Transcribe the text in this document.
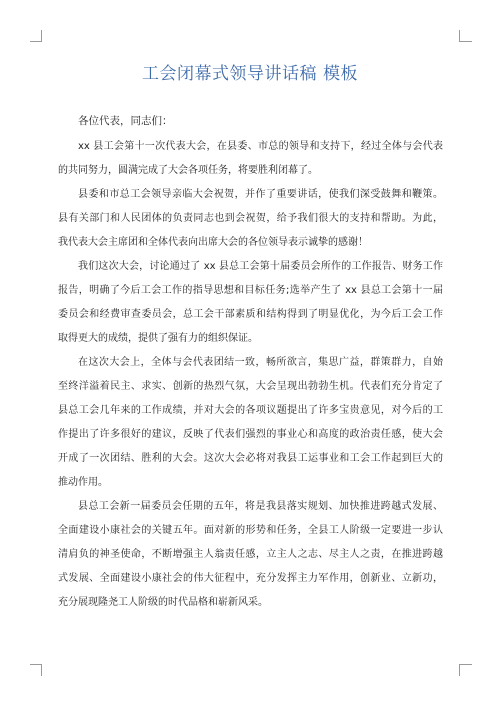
工会闭幕式领导讲话稿 模板
各位代表，同志们：
xx 县工会第十一次代表大会，在县委、市总的领导和支持下，经过全体与会代表
的共同努力，圆满完成了大会各项任务，将要胜利闭幕了。
县委和市总工会领导亲临大会祝贺，并作了重要讲话，使我们深受鼓舞和鞭策。
县有关部门和人民团体的负责同志也到会祝贺，给予我们很大的支持和帮助。为此，
我代表大会主席团和全体代表向出席大会的各位领导表示诚挚的感谢！
我们这次大会，讨论通过了 xx 县总工会第十届委员会所作的工作报告、财务工作
报告，明确了今后工会工作的指导思想和目标任务;选举产生了 xx 县总工会第十一届
委员会和经费审查委员会，总工会干部素质和结构得到了明显优化，为今后工会工作
取得更大的成绩，提供了强有力的组织保证。
在这次大会上，全体与会代表团结一致，畅所欲言，集思广益，群策群力，自始
至终洋溢着民主、求实、创新的热烈气氛，大会呈现出勃勃生机。代表们充分肯定了
县总工会几年来的工作成绩，并对大会的各项议题提出了许多宝贵意见，对今后的工
作提出了许多很好的建议，反映了代表们强烈的事业心和高度的政治责任感，使大会
开成了一次团结、胜利的大会。这次大会必将对我县工运事业和工会工作起到巨大的
推动作用。
县总工会新一届委员会任期的五年，将是我县落实规划、加快推进跨越式发展、
全面建设小康社会的关键五年。面对新的形势和任务，全县工人阶级一定要进一步认
清肩负的神圣使命，不断增强主人翁责任感，立主人之志、尽主人之责，在推进跨越
式发展、全面建设小康社会的伟大征程中，充分发挥主力军作用，创新业、立新功，
充分展现隆尧工人阶级的时代品格和崭新风采。
